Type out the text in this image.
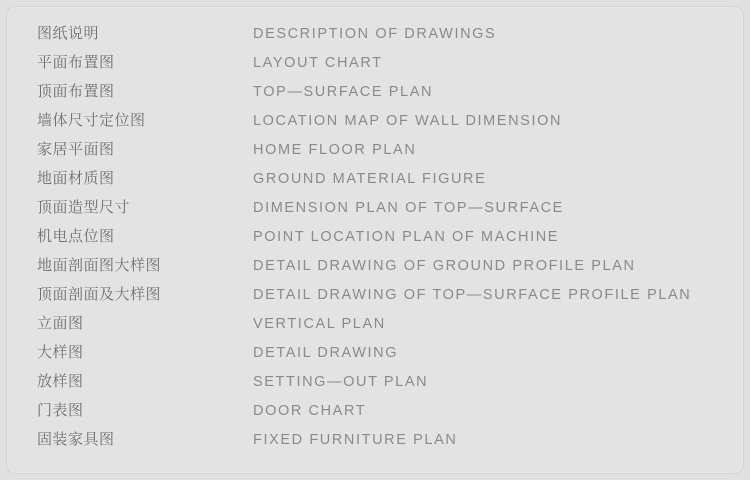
图纸说明	DESCRIPTION OF DRAWINGS
平面布置图	LAYOUT CHART
顶面布置图	TOP—SURFACE PLAN
墙体尺寸定位图	LOCATION MAP OF WALL DIMENSION
家居平面图	HOME FLOOR PLAN
地面材质图	GROUND MATERIAL FIGURE
顶面造型尺寸	DIMENSION PLAN OF TOP—SURFACE
机电点位图	POINT LOCATION PLAN OF MACHINE
地面剖面图大样图	DETAIL DRAWING OF GROUND PROFILE PLAN
顶面剖面及大样图	DETAIL DRAWING OF TOP—SURFACE PROFILE PLAN
立面图	VERTICAL PLAN
大样图	DETAIL DRAWING
放样图	SETTING—OUT PLAN
门表图	DOOR CHART
固装家具图	FIXED FURNITURE PLAN
